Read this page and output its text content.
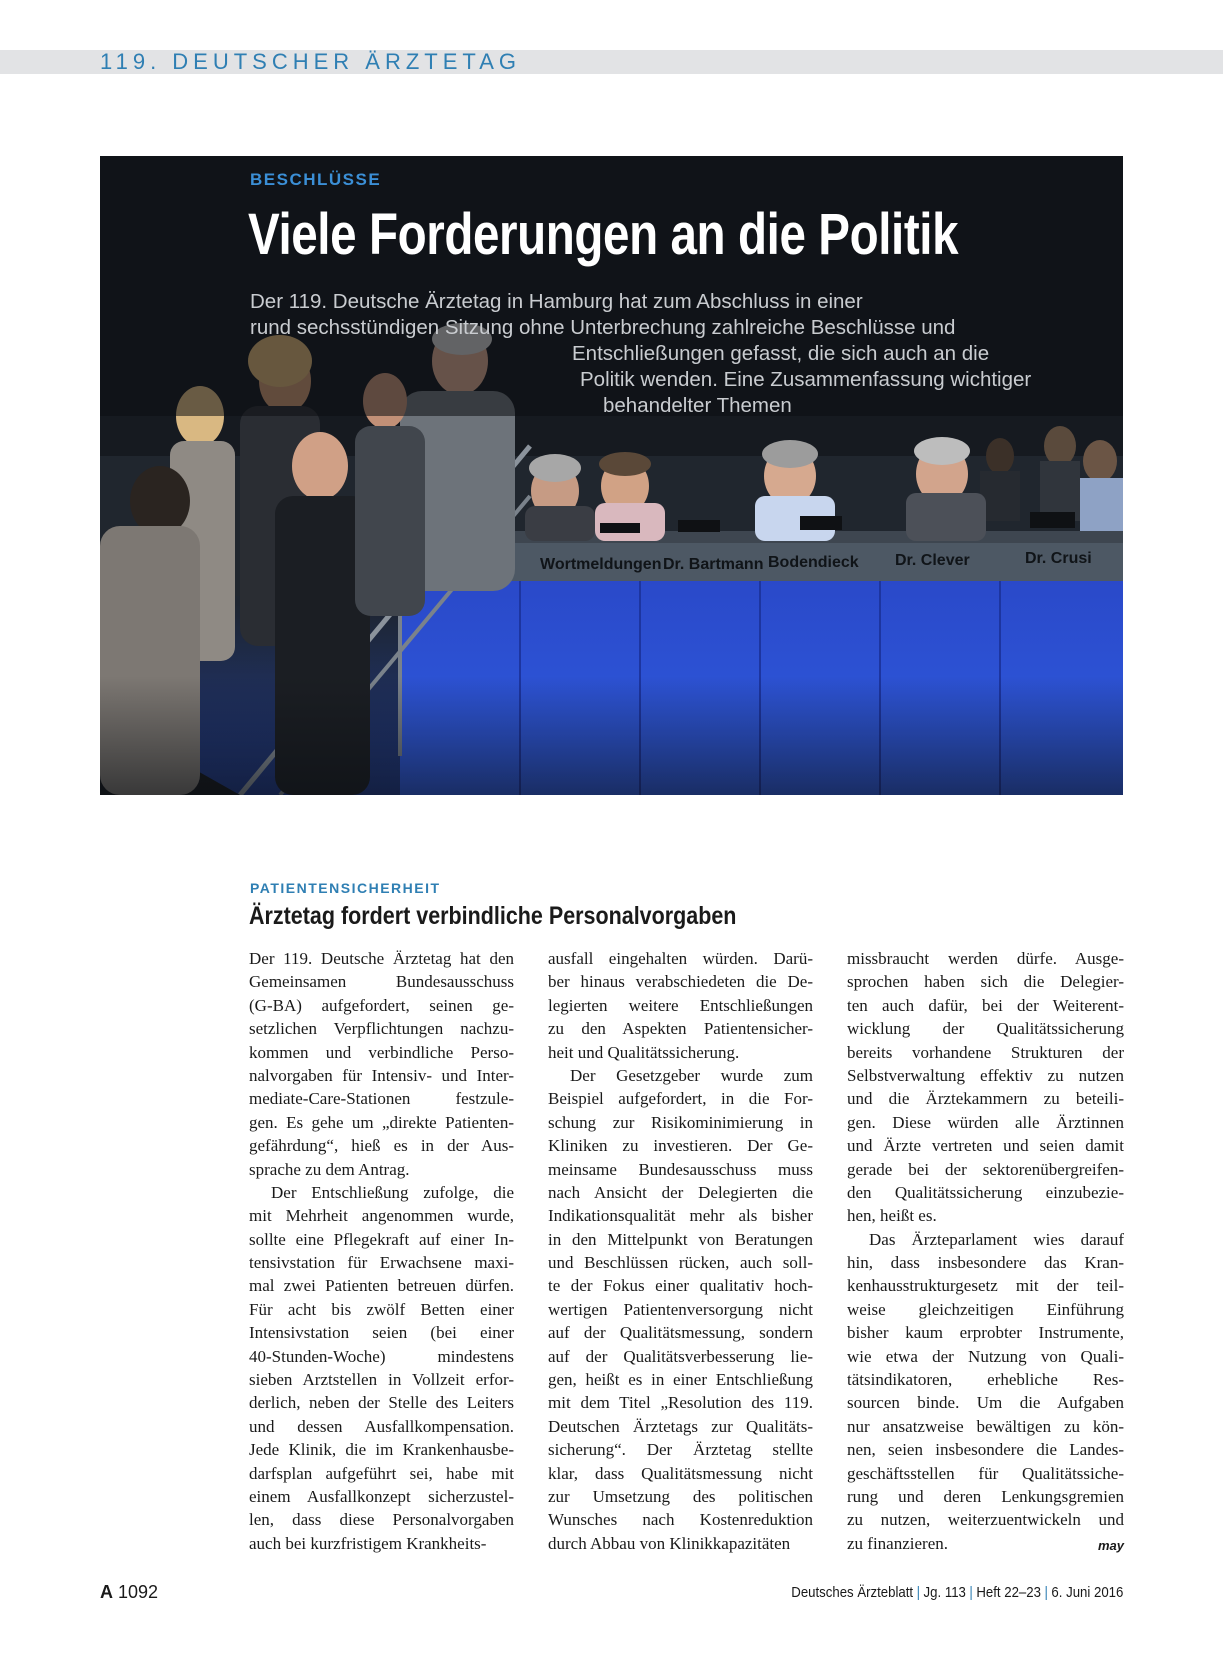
119. DEUTSCHER ÄRZTETAG
Wortmeldungen Dr. Bartmann Bodendieck Dr. Clever	Dr. Crusi
BESCHLÜSSE
Viele Forderungen an die Politik
Der 119. Deutsche Ärztetag in Hamburg hat zum Abschluss in einer
rund sechsstündigen Sitzung ohne Unterbrechung zahlreiche Beschlüsse und
Entschließungen gefasst, die sich auch an die
Politik wenden. Eine Zusammenfassung wichtiger
behandelter Themen
PATIENTENSICHERHEIT
Ärztetag fordert verbindliche Personalvorgaben
Der 119. Deutsche Ärztetag hat den
Gemeinsamen Bundesausschuss
(G-BA) aufgefordert, seinen ge-
setzlichen Verpflichtungen nachzu-
kommen und verbindliche Perso-
nalvorgaben für Intensiv- und Inter-
mediate-Care-Stationen festzule-
gen. Es gehe um „direkte Patienten-
gefährdung“, hieß es in der Aus-
sprache zu dem Antrag.
Der Entschließung zufolge, die
mit Mehrheit angenommen wurde,
sollte eine Pflegekraft auf einer In-
tensivstation für Erwachsene maxi-
mal zwei Patienten betreuen dürfen.
Für acht bis zwölf Betten einer
Intensivstation seien (bei einer
40-Stunden-Woche) mindestens
sieben Arztstellen in Vollzeit erfor-
derlich, neben der Stelle des Leiters
und dessen Ausfallkompensation.
Jede Klinik, die im Krankenhausbe-
darfsplan aufgeführt sei, habe mit
einem Ausfallkonzept sicherzustel-
len, dass diese Personalvorgaben
auch bei kurzfristigem Krankheits-
ausfall eingehalten würden. Darü-
ber hinaus verabschiedeten die De-
legierten weitere Entschließungen
zu den Aspekten Patientensicher-
heit und Qualitätssicherung.
Der Gesetzgeber wurde zum
Beispiel aufgefordert, in die For-
schung zur Risikominimierung in
Kliniken zu investieren. Der Ge-
meinsame Bundesausschuss muss
nach Ansicht der Delegierten die
Indikationsqualität mehr als bisher
in den Mittelpunkt von Beratungen
und Beschlüssen rücken, auch soll-
te der Fokus einer qualitativ hoch-
wertigen Patientenversorgung nicht
auf der Qualitätsmessung, sondern
auf der Qualitätsverbesserung lie-
gen, heißt es in einer Entschließung
mit dem Titel „Resolution des 119.
Deutschen Ärztetags zur Qualitäts-
sicherung“. Der Ärztetag stellte
klar, dass Qualitätsmessung nicht
zur Umsetzung des politischen
Wunsches nach Kostenreduktion
durch Abbau von Klinikkapazitäten
missbraucht werden dürfe. Ausge-
sprochen haben sich die Delegier-
ten auch dafür, bei der Weiterent-
wicklung der Qualitätssicherung
bereits vorhandene Strukturen der
Selbstverwaltung effektiv zu nutzen
und die Ärztekammern zu beteili-
gen. Diese würden alle Ärztinnen
und Ärzte vertreten und seien damit
gerade bei der sektorenübergreifen-
den Qualitätssicherung einzubezie-
hen, heißt es.
Das Ärzteparlament wies darauf
hin, dass insbesondere das Kran-
kenhausstrukturgesetz mit der teil-
weise gleichzeitigen Einführung
bisher kaum erprobter Instrumente,
wie etwa der Nutzung von Quali-
tätsindikatoren, erhebliche Res-
sourcen binde. Um die Aufgaben
nur ansatzweise bewältigen zu kön-
nen, seien insbesondere die Landes-
geschäftsstellen für Qualitätssiche-
rung und deren Lenkungsgremien
zu nutzen, weiterzuentwickeln und
zu finanzieren.	may
A 1092	Deutsches Ärzteblatt | Jg. 113 | Heft 22–23 | 6. Juni 2016
